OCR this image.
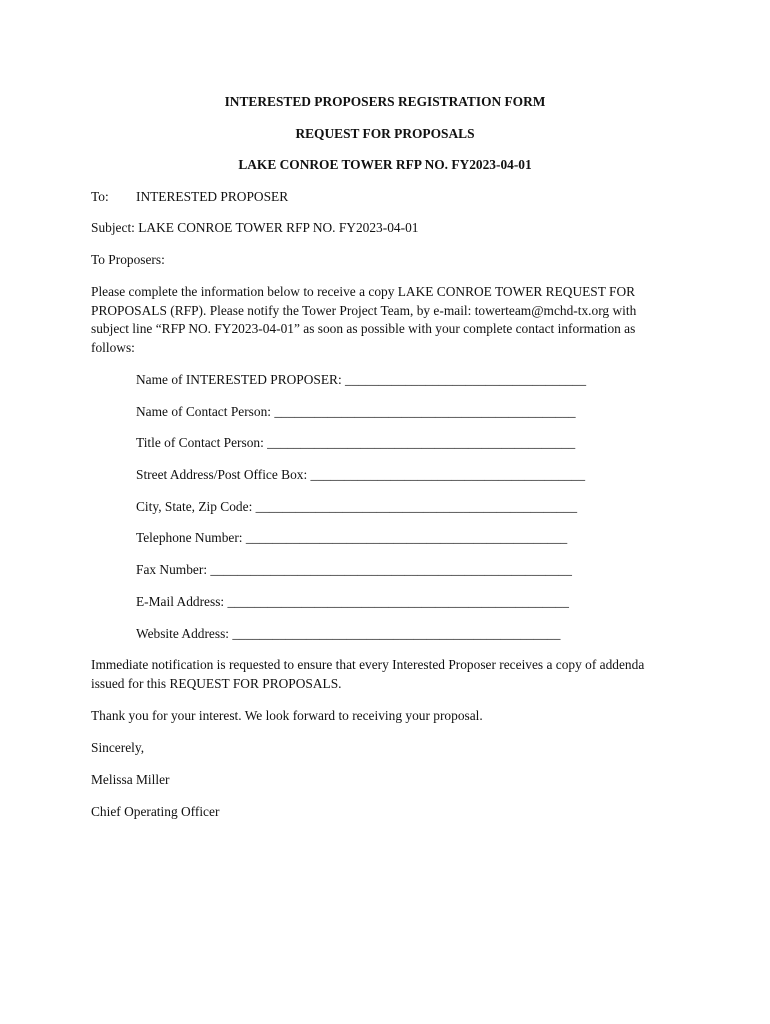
INTERESTED PROPOSERS REGISTRATION FORM
REQUEST FOR PROPOSALS
LAKE CONROE TOWER RFP NO. FY2023-04-01
To: INTERESTED PROPOSER
Subject: LAKE CONROE TOWER RFP NO. FY2023-04-01
To Proposers:
Please complete the information below to receive a copy LAKE CONROE TOWER REQUEST FOR
PROPOSALS (RFP). Please notify the Tower Project Team, by e-mail: towerteam@mchd-tx.org with
subject line “RFP NO. FY2023-04-01” as soon as possible with your complete contact information as
follows:
Name of INTERESTED PROPOSER: ____________________________________
Name of Contact Person: _____________________________________________
Title of Contact Person: ______________________________________________
Street Address/Post Office Box: _________________________________________
City, State, Zip Code: ________________________________________________
Telephone Number: ________________________________________________
Fax Number: ______________________________________________________
E-Mail Address: ___________________________________________________
Website Address: _________________________________________________
Immediate notification is requested to ensure that every Interested Proposer receives a copy of addenda
issued for this REQUEST FOR PROPOSALS.
Thank you for your interest. We look forward to receiving your proposal.
Sincerely,
Melissa Miller
Chief Operating Officer
